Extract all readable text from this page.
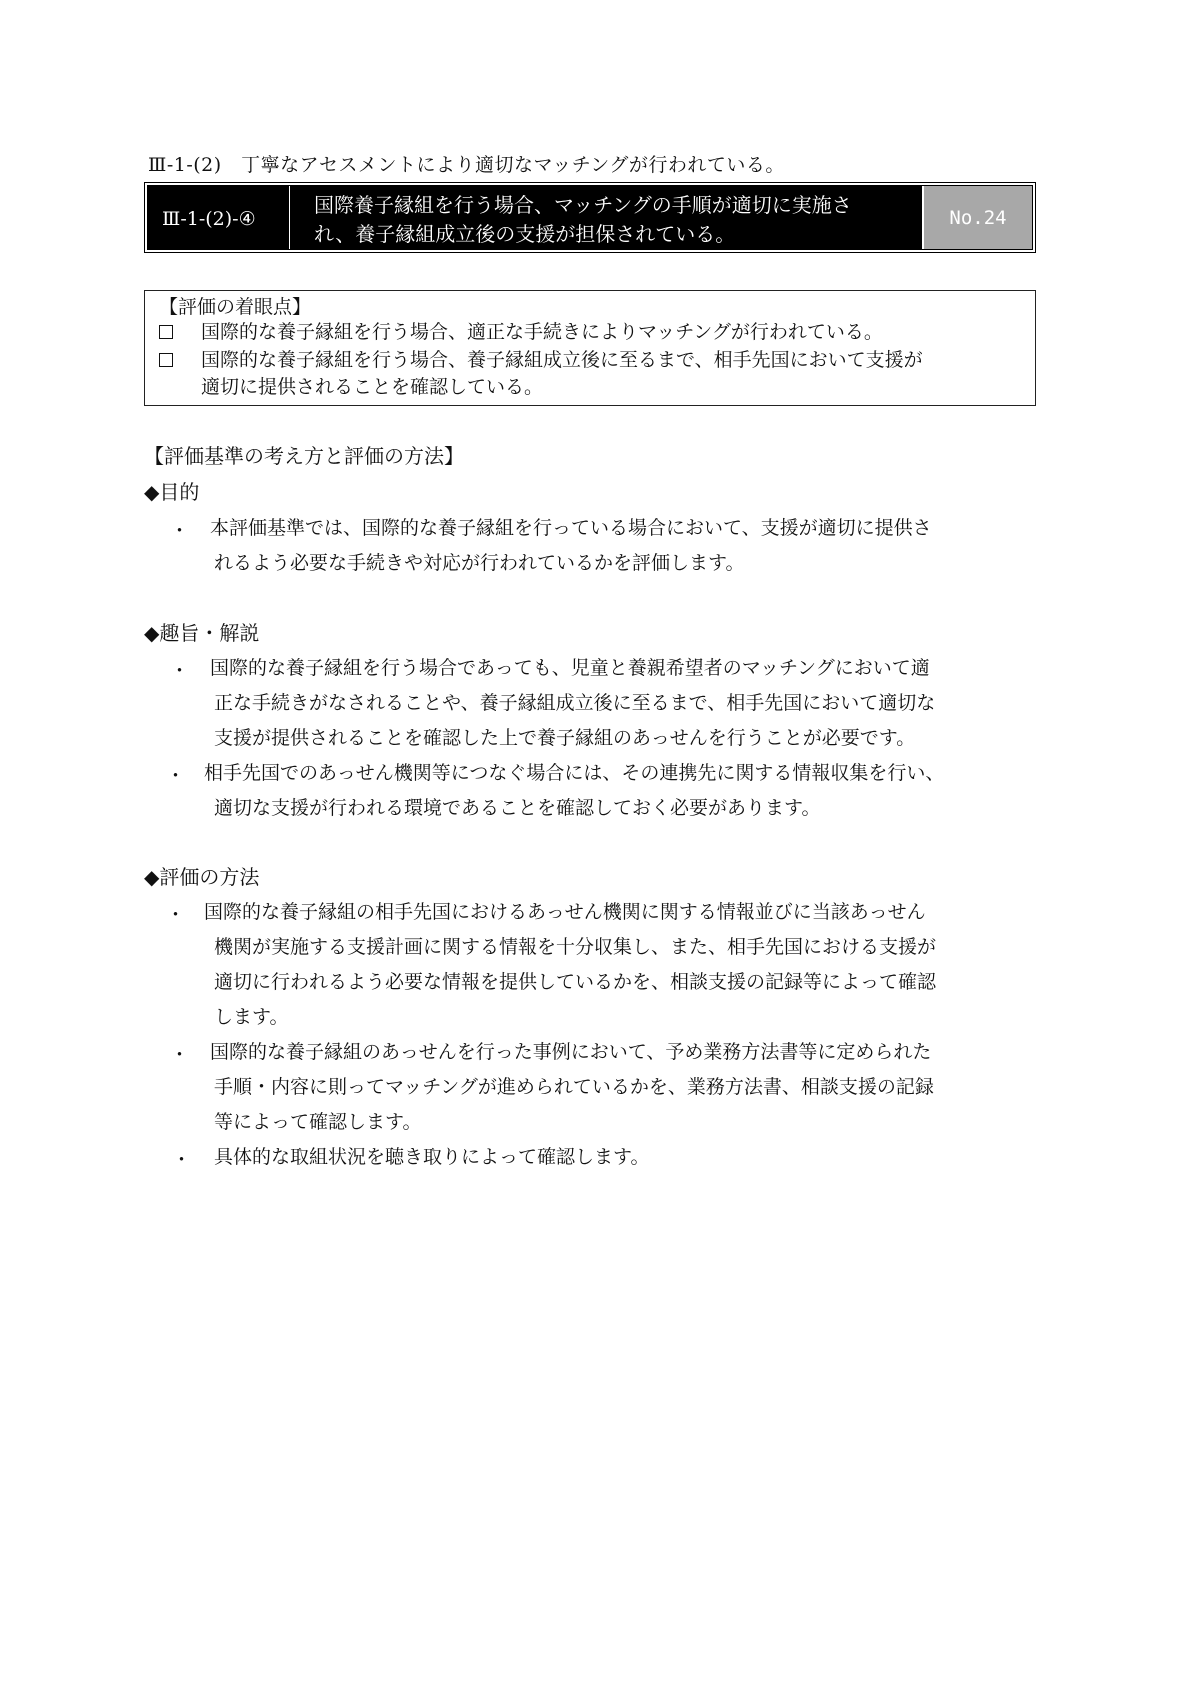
Ⅲ-1-(2)　丁寧なアセスメントにより適切なマッチングが行われている。
Ⅲ-1-(2)-④
国際養子縁組を行う場合、マッチングの手順が適切に実施さ
れ、養子縁組成立後の支援が担保されている。
No.24
【評価の着眼点】
国際的な養子縁組を行う場合、適正な手続きによりマッチングが行われている。
国際的な養子縁組を行う場合、養子縁組成立後に至るまで、相手先国において支援が
適切に提供されることを確認している。
【評価基準の考え方と評価の方法】
◆目的
・ 本評価基準では、国際的な養子縁組を行っている場合において、支援が適切に提供さ
れるよう必要な手続きや対応が行われているかを評価します。
◆趣旨・解説
・ 国際的な養子縁組を行う場合であっても、児童と養親希望者のマッチングにおいて適
正な手続きがなされることや、養子縁組成立後に至るまで、相手先国において適切な
支援が提供されることを確認した上で養子縁組のあっせんを行うことが必要です。
・ 相手先国でのあっせん機関等につなぐ場合には、その連携先に関する情報収集を行い、
適切な支援が行われる環境であることを確認しておく必要があります。
◆評価の方法
・ 国際的な養子縁組の相手先国におけるあっせん機関に関する情報並びに当該あっせん
機関が実施する支援計画に関する情報を十分収集し、また、相手先国における支援が
適切に行われるよう必要な情報を提供しているかを、相談支援の記録等によって確認
します。
・ 国際的な養子縁組のあっせんを行った事例において、予め業務方法書等に定められた
手順・内容に則ってマッチングが進められているかを、業務方法書、相談支援の記録
等によって確認します。
・ 具体的な取組状況を聴き取りによって確認します。
